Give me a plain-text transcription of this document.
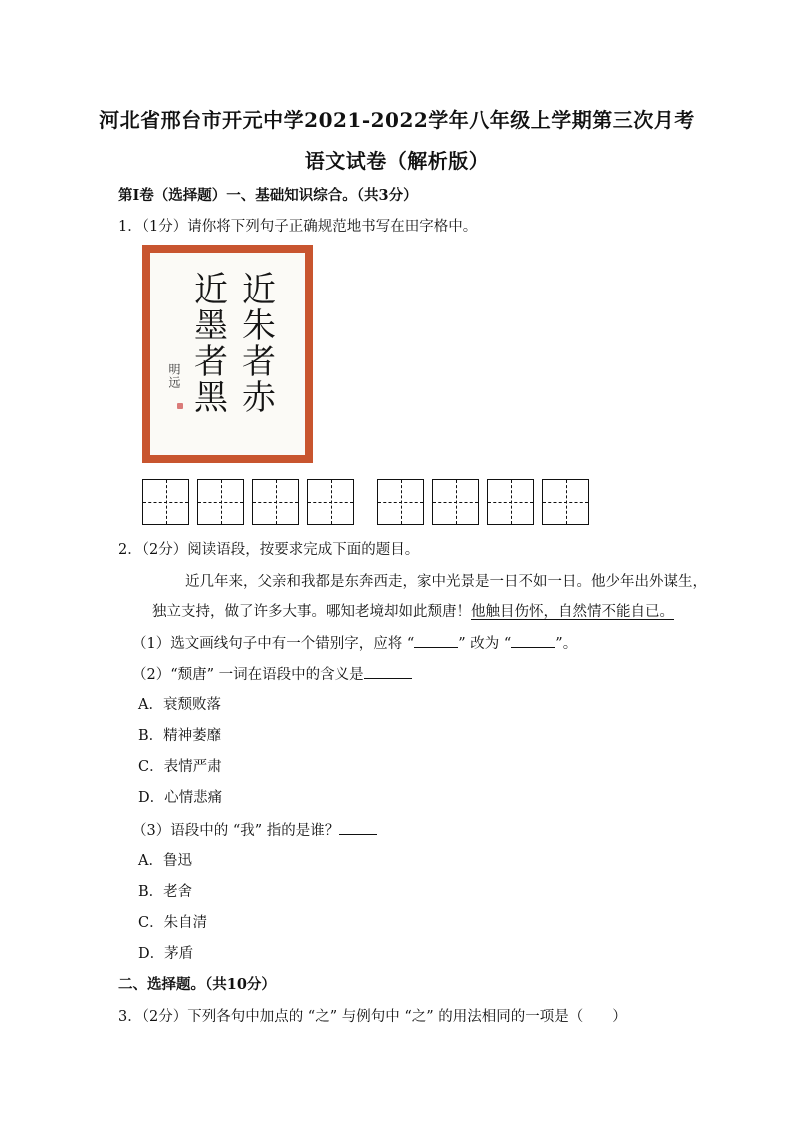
河北省邢台市开元中学2021-2022学年八年级上学期第三次月考
语文试卷（解析版）
第Ⅰ卷（选择题）一、基础知识综合。（共3分）
1．（1分）请你将下列句子正确规范地书写在田字格中。
近朱者赤
近墨者黑
明远
2．（2分）阅读语段，按要求完成下面的题目。
近几年来，父亲和我都是东奔西走，家中光景是一日不如一日。他少年出外谋生，
独立支持，做了许多大事。哪知老境却如此颓唐！他触目伤怀，自然情不能自已。
（1）选文画线句子中有一个错别字，应将 “	” 改为 “	”。
（2）“颓唐” 一词在语段中的含义是
A．衰颓败落
B．精神萎靡
C．表情严肃
D．心情悲痛
（3）语段中的 “我” 指的是谁？
A．鲁迅
B．老舍
C．朱自清
D．茅盾
二、选择题。（共10分）
3．（2分）下列各句中加点的 “之” 与例句中 “之” 的用法相同的一项是（　　）
